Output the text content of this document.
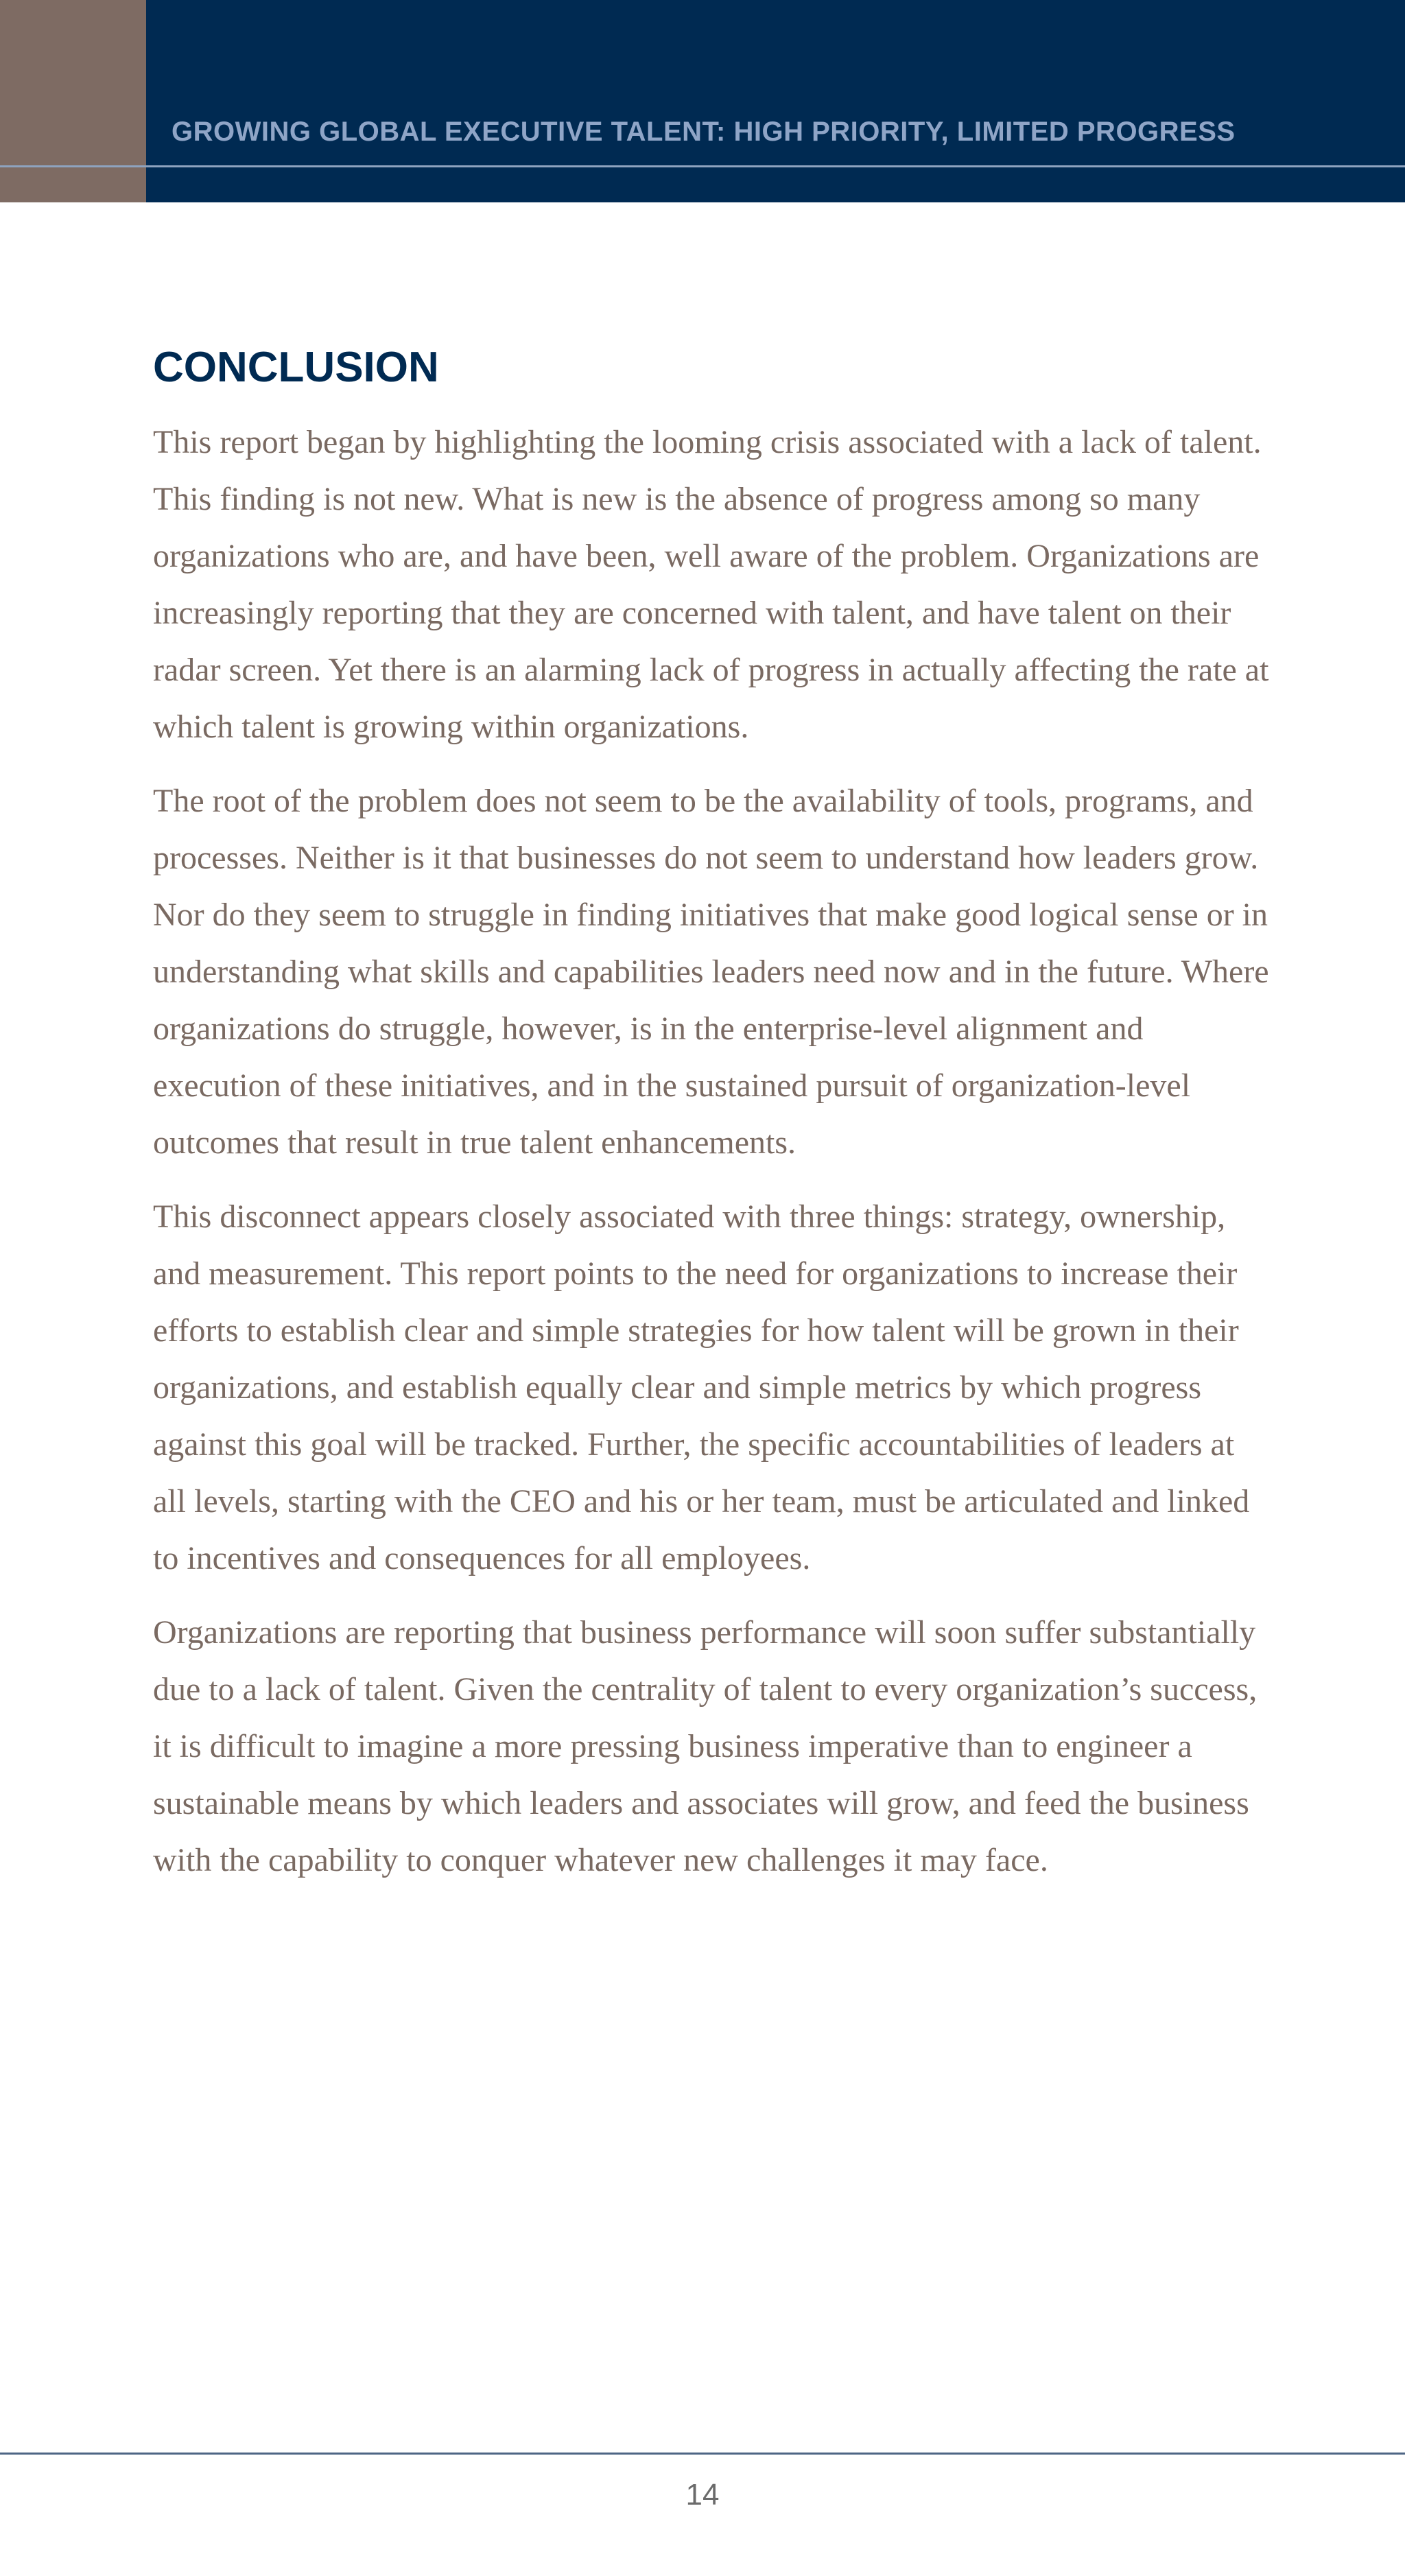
GROWING GLOBAL EXECUTIVE TALENT: HIGH PRIORITY, LIMITED PROGRESS
CONCLUSION

This report began by highlighting the looming crisis associated with a lack of talent. This finding is not new. What is new is the absence of progress among so many organizations who are, and have been, well aware of the problem. Organizations are increasingly reporting that they are concerned with talent, and have talent on their radar screen. Yet there is an alarming lack of progress in actually affecting the rate at which talent is growing within organizations.

The root of the problem does not seem to be the availability of tools, programs, and processes. Neither is it that businesses do not seem to understand how leaders grow. Nor do they seem to struggle in finding initiatives that make good logical sense or in understanding what skills and capabilities leaders need now and in the future. Where organizations do struggle, however, is in the enterprise-level alignment and execution of these initiatives, and in the sustained pursuit of organization-level outcomes that result in true talent enhancements.

This disconnect appears closely associated with three things: strategy, ownership, and measurement. This report points to the need for organizations to increase their efforts to establish clear and simple strategies for how talent will be grown in their organizations, and establish equally clear and simple metrics by which progress against this goal will be tracked. Further, the specific accountabilities of leaders at all levels, starting with the CEO and his or her team, must be articulated and linked to incentives and consequences for all employees.

Organizations are reporting that business performance will soon suffer substantially due to a lack of talent. Given the centrality of talent to every organization’s success, it is difficult to imagine a more pressing business imperative than to engineer a sustainable means by which leaders and associates will grow, and feed the business with the capability to conquer whatever new challenges it may face.

14
